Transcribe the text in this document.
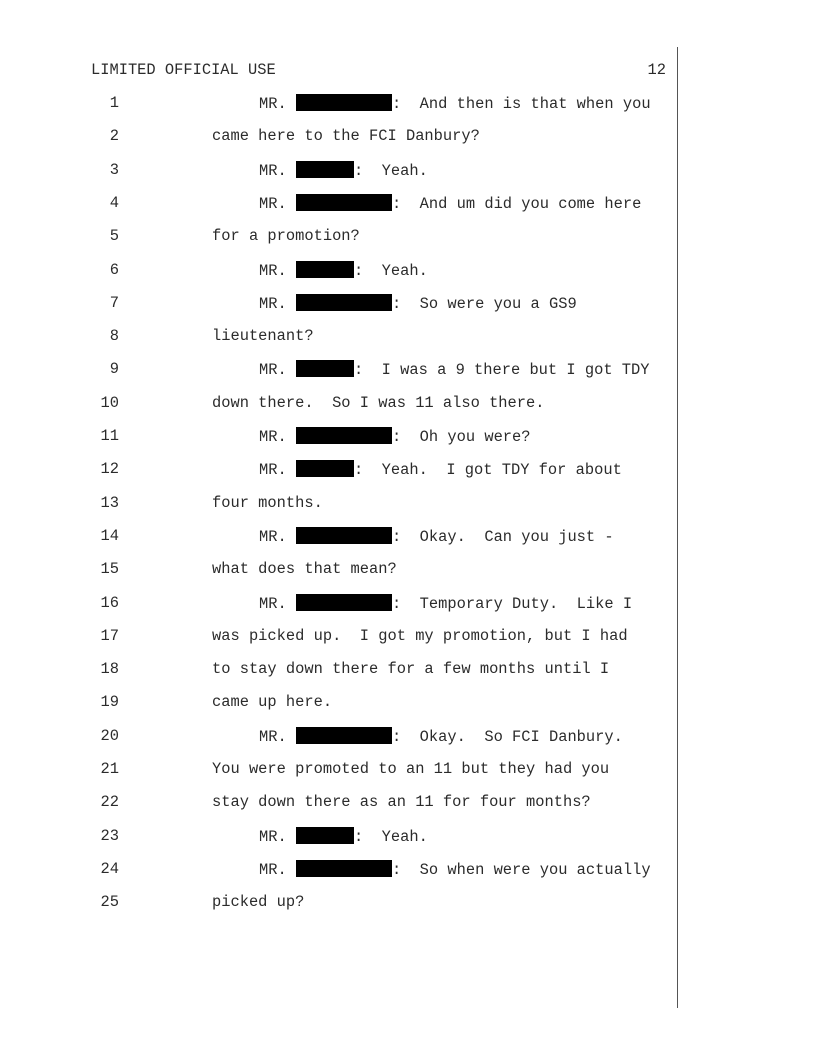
LIMITED OFFICIAL USE	12
1	MR.	:  And then is that when you
2	came here to the FCI Danbury?
3	MR.	:  Yeah.
4	MR.	:  And um did you come here
5	for a promotion?
6	MR.	:  Yeah.
7	MR.	:  So were you a GS9
8	lieutenant?
9	MR.	:  I was a 9 there but I got TDY
10	down there.  So I was 11 also there.
11	MR.	:  Oh you were?
12	MR.	:  Yeah.  I got TDY for about
13	four months.
14	MR.	:  Okay.  Can you just -
15	what does that mean?
16	MR.	:  Temporary Duty.  Like I
17	was picked up.  I got my promotion, but I had
18	to stay down there for a few months until I
19	came up here.
20	MR.	:  Okay.  So FCI Danbury.
21	You were promoted to an 11 but they had you
22	stay down there as an 11 for four months?
23	MR.	:  Yeah.
24	MR.	:  So when were you actually
25	picked up?
